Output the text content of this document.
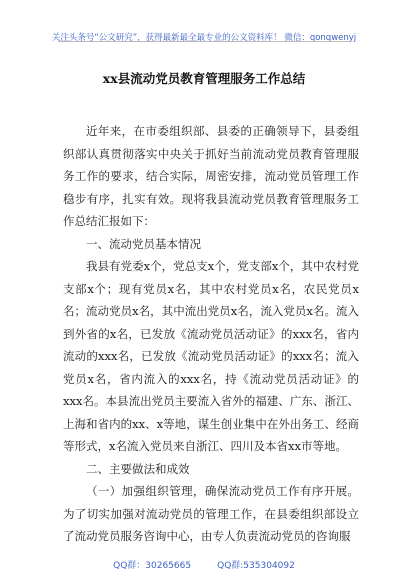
关注头条号“公文研究”，获得最新最全最专业的公文资料库！ 微信：gongwenyj
xx县流动党员教育管理服务工作总结

近年来，在市委组织部、县委的正确领导下，县委组织部认真贯彻落实中央关于抓好当前流动党员教育管理服务工作的要求，结合实际，周密安排，流动党员管理工作稳步有序，扎实有效。现将我县流动党员教育管理服务工作总结汇报如下：

一、流动党员基本情况

我县有党委x个，党总支x个，党支部x个，其中农村党支部x个；现有党员x名，其中农村党员x名，农民党员x名；流动党员x名，其中流出党员x名，流入党员x名。流入到外省的x名，已发放《流动党员活动证》的xxx名，省内流动的xxx名，已发放《流动党员活动证》的xxx名；流入党员x名，省内流入的xxx名，持《流动党员活动证》的xxx名。本县流出党员主要流入省外的福建、广东、浙江、上海和省内的xx、x等地，谋生创业集中在外出务工、经商等形式，x名流入党员来自浙江、四川及本省xx市等地。

二、主要做法和成效

（一）加强组织管理，确保流动党员工作有序开展。为了切实加强对流动党员的管理工作，在县委组织部设立了流动党员服务咨询中心，由专人负责流动党员的咨询服

QQ群：30265665	QQ群:535304092
